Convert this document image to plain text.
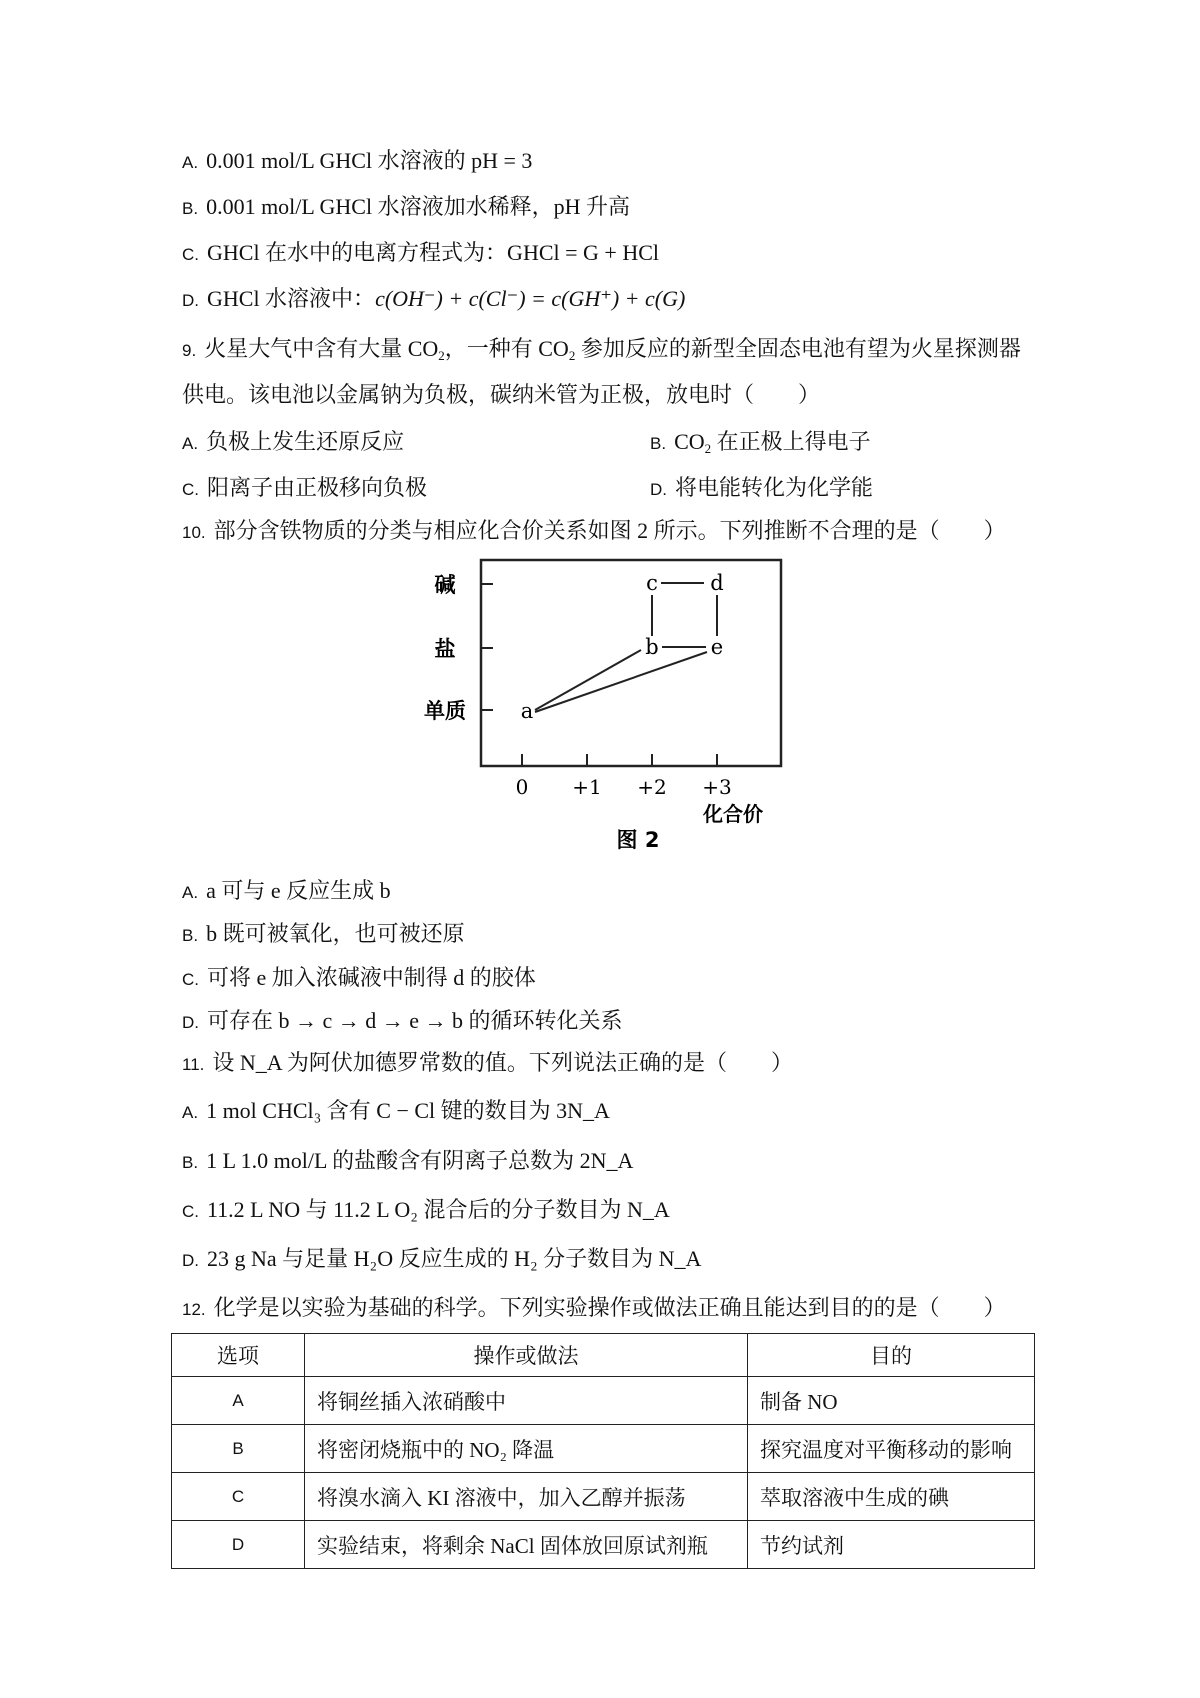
A. 0.001 mol/L GHCl 水溶液的 pH = 3
B. 0.001 mol/L GHCl 水溶液加水稀释，pH 升高
C. GHCl 在水中的电离方程式为：GHCl = G + HCl
D. GHCl 水溶液中：c(OH⁻) + c(Cl⁻) = c(GH⁺) + c(G)
9. 火星大气中含有大量 $CO_2$，一种有 $CO_2$ 参加反应的新型全固态电池有望为火星探测器
供电。该电池以金属钠为负极，碳纳米管为正极，放电时（　　）
A. 负极上发生还原反应	B. $CO_2$ 在正极上得电子
C. 阳离子由正极移向负极	D. 将电能转化为化学能
10. 部分含铁物质的分类与相应化合价关系如图 2 所示。下列推断不合理的是（　　）
碱
盐
单质
0 +1 +2 +3
化合价
图 2
a
b
c d
e
A. a 可与 e 反应生成 b
B. b 既可被氧化，也可被还原
C. 可将 e 加入浓碱液中制得 d 的胶体
D. 可存在 b → c → d → e → b 的循环转化关系
11. 设 N_A 为阿伏加德罗常数的值。下列说法正确的是（　　）
A. 1 mol CHCl₃ 含有 C − Cl 键的数目为 3N_A
B. 1 L 1.0 mol/L 的盐酸含有阴离子总数为 2N_A
C. 11.2 L NO 与 11.2 L O₂ 混合后的分子数目为 N_A
D. 23 g Na 与足量 H₂O 反应生成的 H₂ 分子数目为 N_A
12. 化学是以实验为基础的科学。下列实验操作或做法正确且能达到目的的是（　　）
选项	操作或做法	目的
A	将铜丝插入浓硝酸中	制备 NO
B	将密闭烧瓶中的 NO₂ 降温	探究温度对平衡移动的影响
C	将溴水滴入 KI 溶液中，加入乙醇并振荡	萃取溶液中生成的碘
D	实验结束，将剩余 NaCl 固体放回原试剂瓶	节约试剂
